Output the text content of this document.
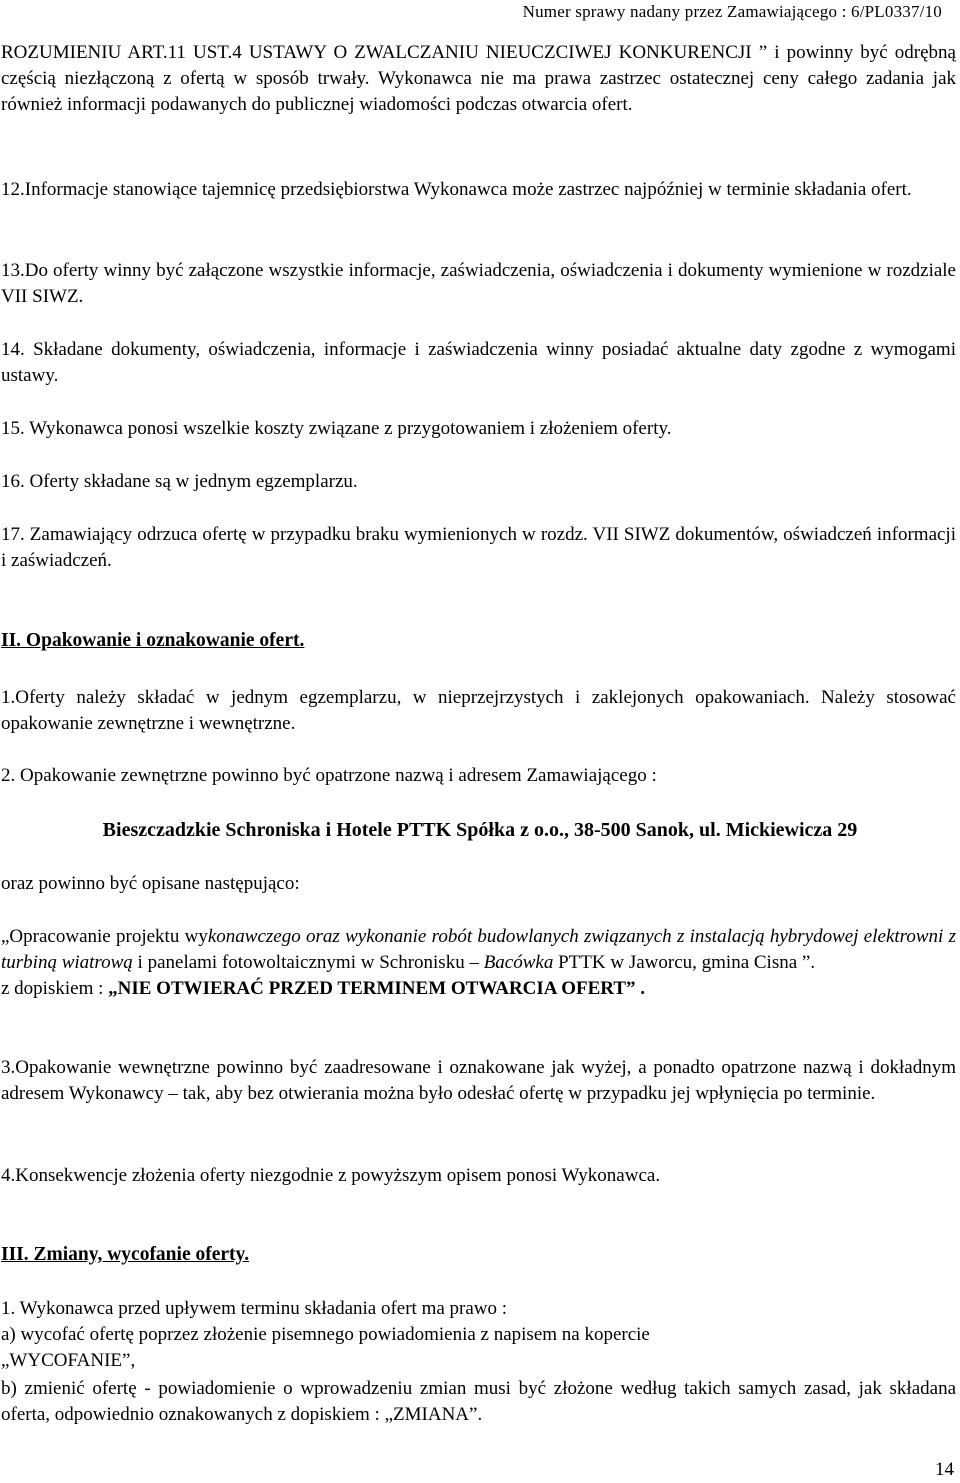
Numer sprawy nadany przez Zamawiającego : 6/PL0337/10

ROZUMIENIU ART.11 UST.4 USTAWY O ZWALCZANIU NIEUCZCIWEJ KONKURENCJI ” i powinny być odrębną częścią niezłączoną z ofertą w sposób trwały. Wykonawca nie ma prawa zastrzec ostatecznej ceny całego zadania jak również informacji podawanych do publicznej wiadomości podczas otwarcia ofert.

12.Informacje stanowiące tajemnicę przedsiębiorstwa Wykonawca może zastrzec najpóźniej w terminie składania ofert.

13.Do oferty winny być załączone wszystkie informacje, zaświadczenia, oświadczenia i dokumenty wymienione w rozdziale VII SIWZ.

14. Składane dokumenty, oświadczenia, informacje i zaświadczenia winny posiadać aktualne daty zgodne z wymogami ustawy.

15. Wykonawca ponosi wszelkie koszty związane z przygotowaniem i złożeniem oferty.

16. Oferty składane są w jednym egzemplarzu.

17. Zamawiający odrzuca ofertę w przypadku braku wymienionych w rozdz. VII SIWZ dokumentów, oświadczeń informacji i zaświadczeń.

II. Opakowanie i oznakowanie ofert.

1.Oferty należy składać w jednym egzemplarzu, w nieprzejrzystych i zaklejonych opakowaniach. Należy stosować opakowanie zewnętrzne i wewnętrzne.

2. Opakowanie zewnętrzne powinno być opatrzone nazwą i adresem Zamawiającego :

Bieszczadzkie Schroniska i Hotele PTTK Spółka z o.o., 38-500 Sanok, ul. Mickiewicza 29

oraz powinno być opisane następująco:

„Opracowanie projektu wykonawczego oraz wykonanie robót budowlanych związanych z instalacją hybrydowej elektrowni z turbiną wiatrową i panelami fotowoltaicznymi w Schronisku – Bacówka PTTK w Jaworcu, gmina Cisna ”.
z dopiskiem : „NIE OTWIERAĆ PRZED TERMINEM OTWARCIA OFERT” .

3.Opakowanie wewnętrzne powinno być zaadresowane i oznakowane jak wyżej, a ponadto opatrzone nazwą i dokładnym adresem Wykonawcy – tak, aby bez otwierania można było odesłać ofertę w przypadku jej wpłynięcia po terminie.

4.Konsekwencje złożenia oferty niezgodnie z powyższym opisem ponosi Wykonawca.

III. Zmiany, wycofanie oferty.

1. Wykonawca przed upływem terminu składania ofert ma prawo :
a) wycofać ofertę poprzez złożenie pisemnego powiadomienia z napisem na kopercie
„WYCOFANIE”,

b) zmienić ofertę - powiadomienie o wprowadzeniu zmian musi być złożone według takich samych zasad, jak składana oferta, odpowiednio oznakowanych z dopiskiem : „ZMIANA”.

14
